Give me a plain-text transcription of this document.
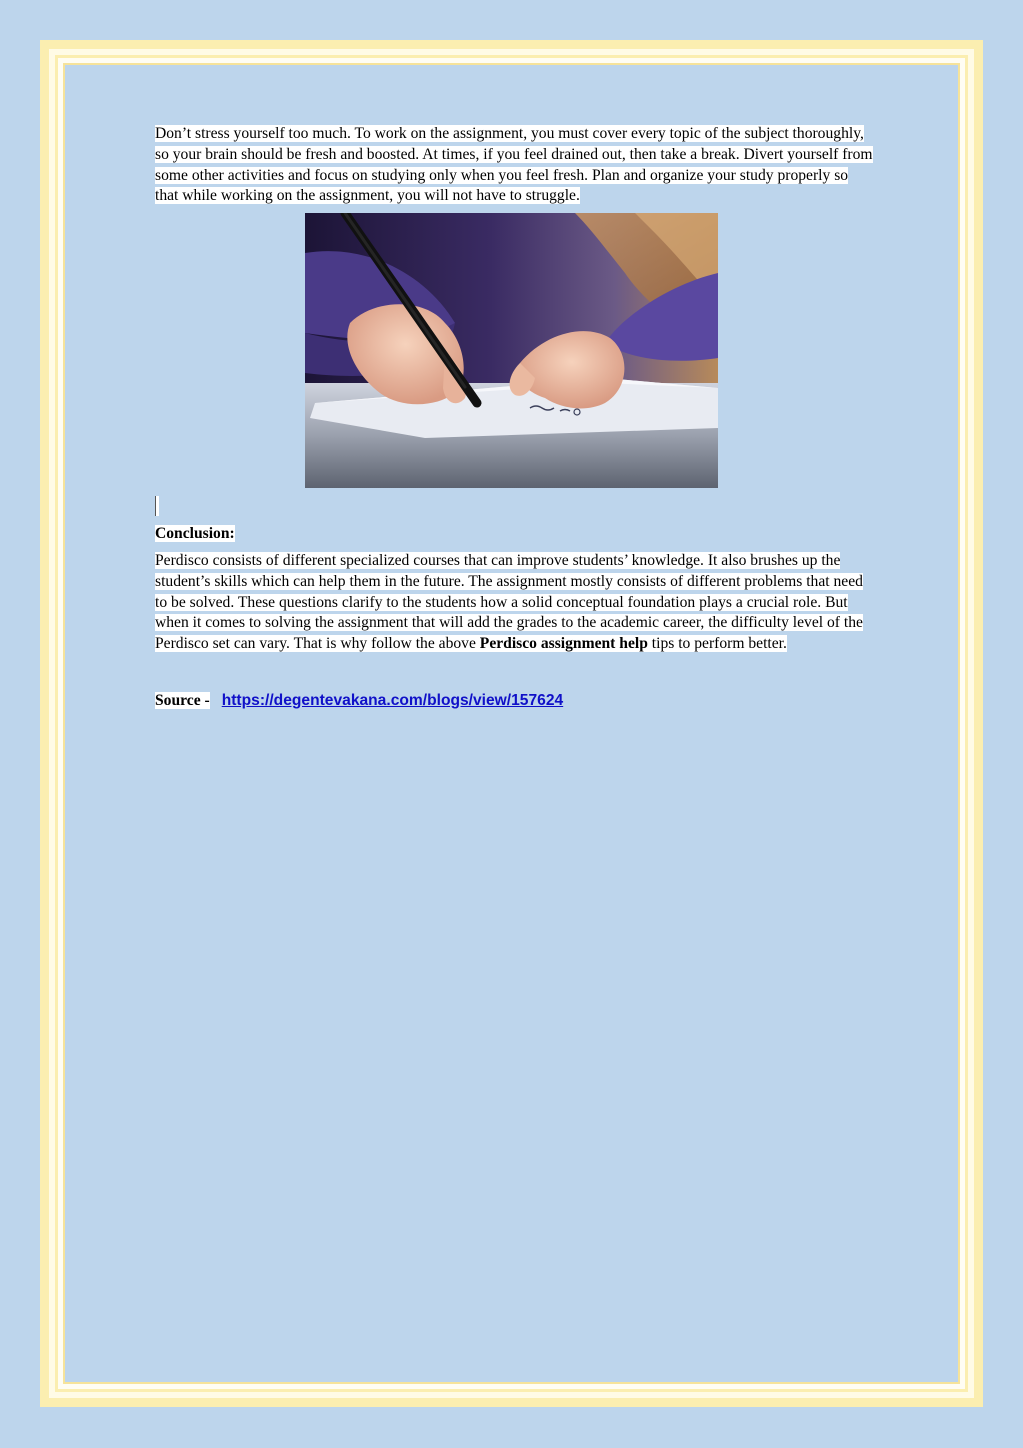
Don’t stress yourself too much. To work on the assignment, you must cover every topic of the subject thoroughly, so your brain should be fresh and boosted. At times, if you feel drained out, then take a break. Divert yourself from some other activities and focus on studying only when you feel fresh. Plan and organize your study properly so that while working on the assignment, you will not have to struggle.

Conclusion:

Perdisco consists of different specialized courses that can improve students’ knowledge. It also brushes up the student’s skills which can help them in the future. The assignment mostly consists of different problems that need to be solved. These questions clarify to the students how a solid conceptual foundation plays a crucial role. But when it comes to solving the assignment that will add the grades to the academic career, the difficulty level of the Perdisco set can vary. That is why follow the above Perdisco assignment help tips to perform better.

Source - https://degentevakana.com/blogs/view/157624
